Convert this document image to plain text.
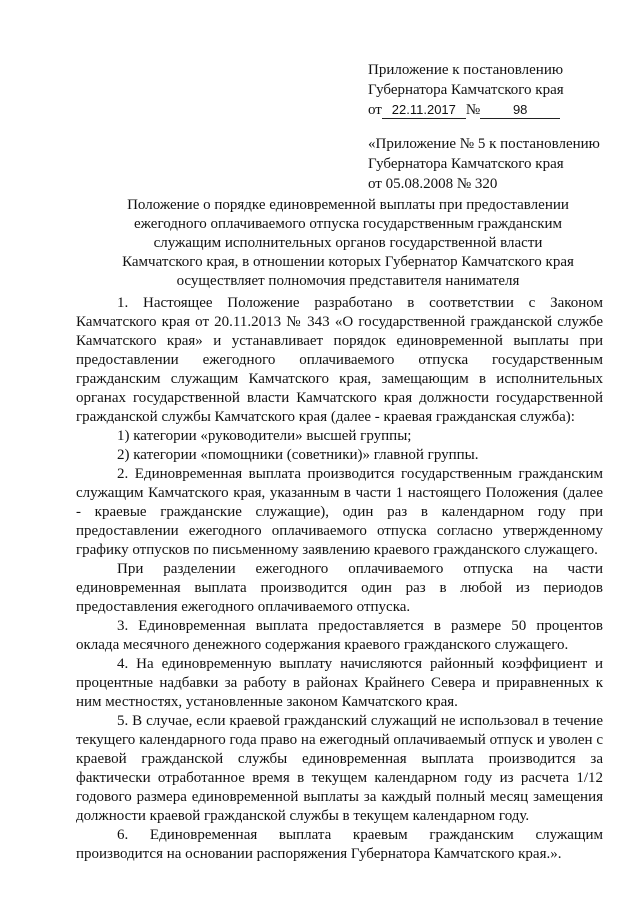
Приложение к постановлению
Губернатора Камчатского края
от 22.11.2017 №	98
«Приложение № 5 к постановлению
Губернатора Камчатского края
от 05.08.2008 № 320
Положение о порядке единовременной выплаты при предоставлении ежегодного оплачиваемого отпуска государственным гражданским служащим исполнительных органов государственной власти Камчатского края, в отношении которых Губернатор Камчатского края осуществляет полномочия представителя нанимателя

1. Настоящее Положение разработано в соответствии с Законом Камчатского края от 20.11.2013 № 343 «О государственной гражданской службе Камчатского края» и устанавливает порядок единовременной выплаты при предоставлении ежегодного оплачиваемого отпуска государственным гражданским служащим Камчатского края, замещающим в исполнительных органах государственной власти Камчатского края должности государственной гражданской службы Камчатского края (далее - краевая гражданская служба):

1) категории «руководители» высшей группы;

2) категории «помощники (советники)» главной группы.

2. Единовременная выплата производится государственным гражданским служащим Камчатского края, указанным в части 1 настоящего Положения (далее - краевые гражданские служащие), один раз в календарном году при предоставлении ежегодного оплачиваемого отпуска согласно утвержденному графику отпусков по письменному заявлению краевого гражданского служащего.

При разделении ежегодного оплачиваемого отпуска на части единовременная выплата производится один раз в любой из периодов предоставления ежегодного оплачиваемого отпуска.

3. Единовременная выплата предоставляется в размере 50 процентов оклада месячного денежного содержания краевого гражданского служащего.

4. На единовременную выплату начисляются районный коэффициент и процентные надбавки за работу в районах Крайнего Севера и приравненных к ним местностях, установленные законом Камчатского края.

5. В случае, если краевой гражданский служащий не использовал в течение текущего календарного года право на ежегодный оплачиваемый отпуск и уволен с краевой гражданской службы единовременная выплата производится за фактически отработанное время в текущем календарном году из расчета 1/12 годового размера единовременной выплаты за каждый полный месяц замещения должности краевой гражданской службы в текущем календарном году.

6. Единовременная выплата краевым гражданским служащим производится на основании распоряжения Губернатора Камчатского края.».
